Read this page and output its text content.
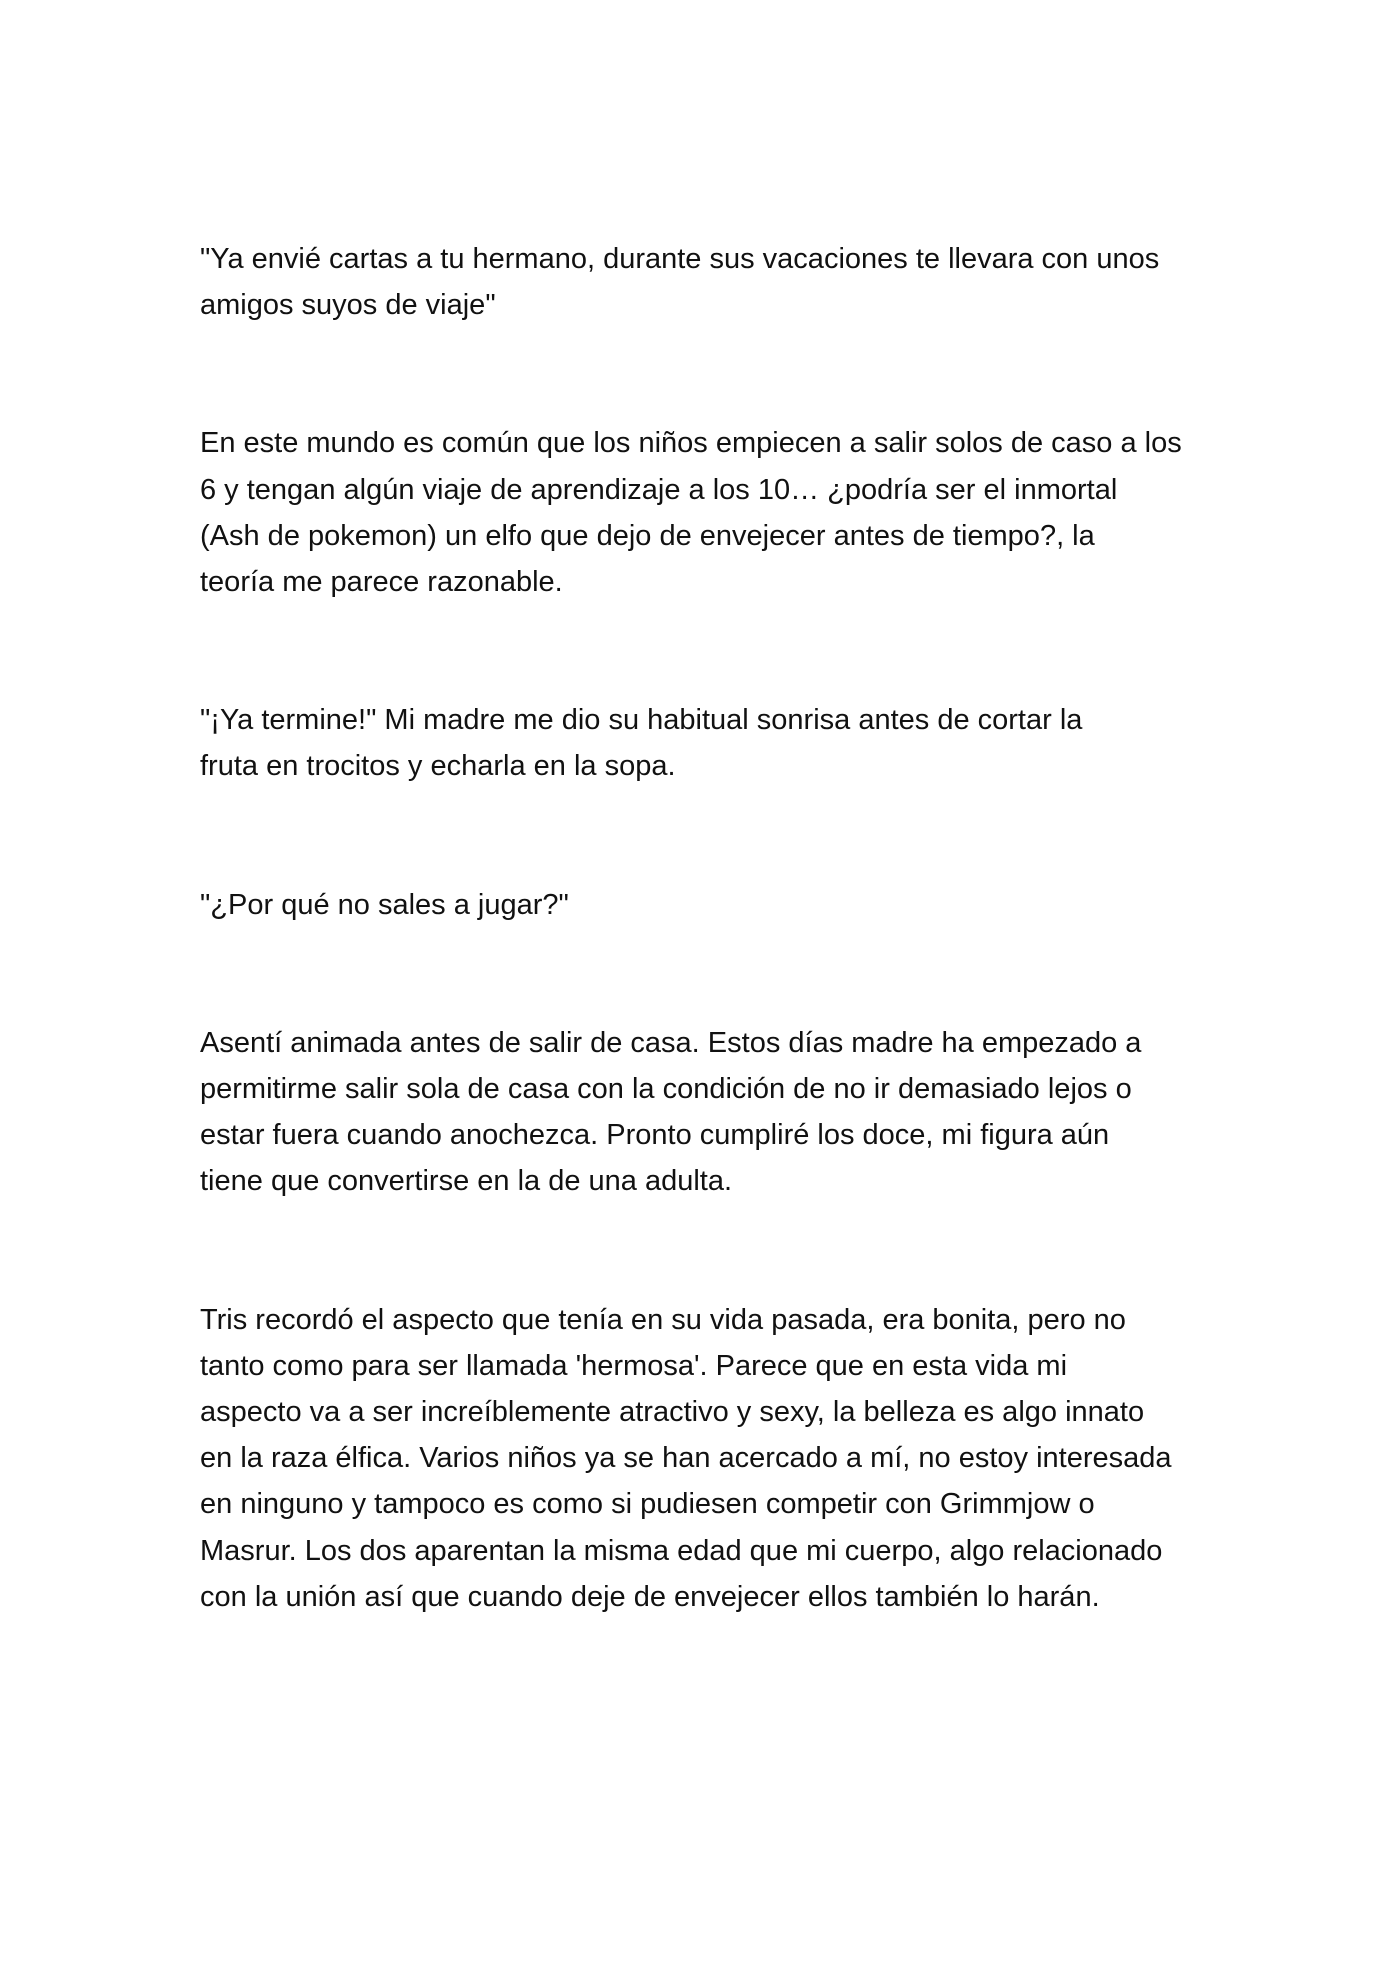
"Ya envié cartas a tu hermano, durante sus vacaciones te llevara con unos
amigos suyos de viaje"

En este mundo es común que los niños empiecen a salir solos de caso a los
6 y tengan algún viaje de aprendizaje a los 10… ¿podría ser el inmortal
(Ash de pokemon) un elfo que dejo de envejecer antes de tiempo?, la
teoría me parece razonable.

"¡Ya termine!" Mi madre me dio su habitual sonrisa antes de cortar la
fruta en trocitos y echarla en la sopa.

"¿Por qué no sales a jugar?"

Asentí animada antes de salir de casa. Estos días madre ha empezado a
permitirme salir sola de casa con la condición de no ir demasiado lejos o
estar fuera cuando anochezca. Pronto cumpliré los doce, mi figura aún
tiene que convertirse en la de una adulta.

Tris recordó el aspecto que tenía en su vida pasada, era bonita, pero no
tanto como para ser llamada 'hermosa'. Parece que en esta vida mi
aspecto va a ser increíblemente atractivo y sexy, la belleza es algo innato
en la raza élfica. Varios niños ya se han acercado a mí, no estoy interesada
en ninguno y tampoco es como si pudiesen competir con Grimmjow o
Masrur. Los dos aparentan la misma edad que mi cuerpo, algo relacionado
con la unión así que cuando deje de envejecer ellos también lo harán.
